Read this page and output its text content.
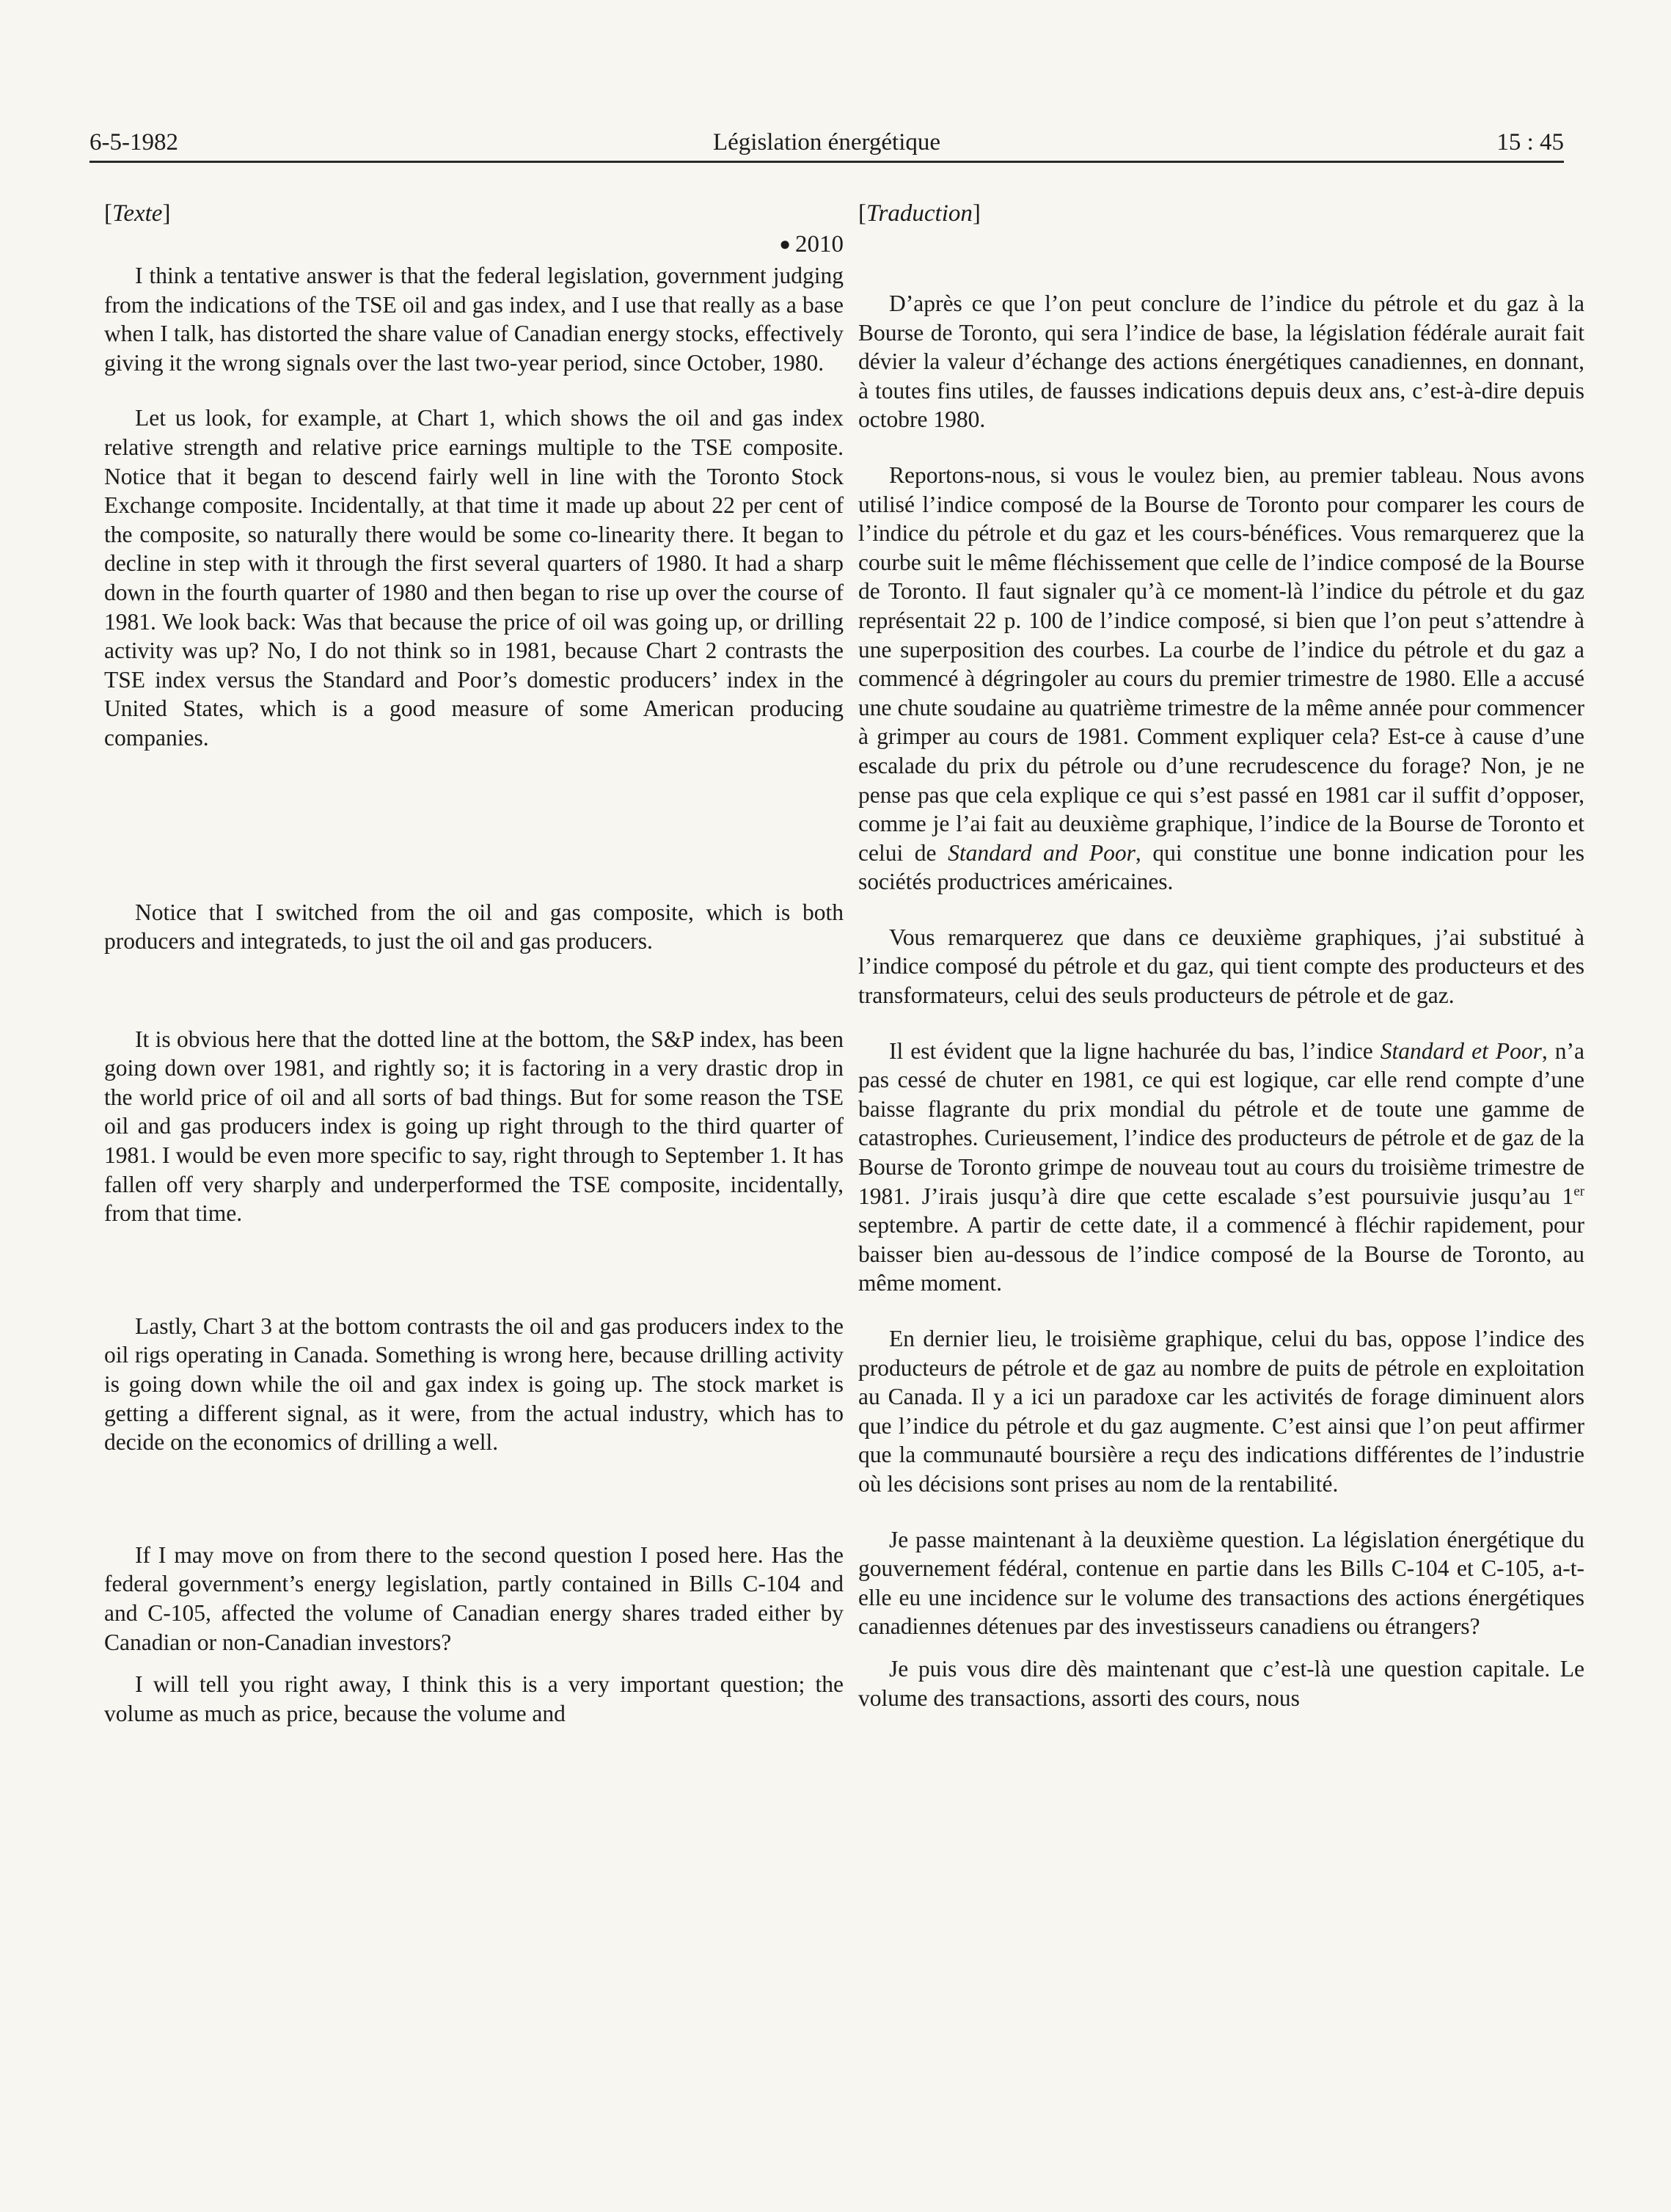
6-5-1982	Législation énergétique	15 : 45
[Texte]
● 2010

I think a tentative answer is that the federal legislation, government judging from the indications of the TSE oil and gas index, and I use that really as a base when I talk, has distorted the share value of Canadian energy stocks, effectively giving it the wrong signals over the last two-year period, since October, 1980.

Let us look, for example, at Chart 1, which shows the oil and gas index relative strength and relative price earnings multiple to the TSE composite. Notice that it began to descend fairly well in line with the Toronto Stock Exchange composite. Incidentally, at that time it made up about 22 per cent of the composite, so naturally there would be some co-linearity there. It began to decline in step with it through the first several quarters of 1980. It had a sharp down in the fourth quarter of 1980 and then began to rise up over the course of 1981. We look back: Was that because the price of oil was going up, or drilling activity was up? No, I do not think so in 1981, because Chart 2 contrasts the TSE index versus the Standard and Poor’s domestic producers’ index in the United States, which is a good measure of some American producing companies.

Notice that I switched from the oil and gas composite, which is both producers and integrateds, to just the oil and gas producers.

It is obvious here that the dotted line at the bottom, the S&P index, has been going down over 1981, and rightly so; it is factoring in a very drastic drop in the world price of oil and all sorts of bad things. But for some reason the TSE oil and gas producers index is going up right through to the third quarter of 1981. I would be even more specific to say, right through to September 1. It has fallen off very sharply and underperformed the TSE composite, incidentally, from that time.

Lastly, Chart 3 at the bottom contrasts the oil and gas producers index to the oil rigs operating in Canada. Something is wrong here, because drilling activity is going down while the oil and gax index is going up. The stock market is getting a different signal, as it were, from the actual industry, which has to decide on the economics of drilling a well.

If I may move on from there to the second question I posed here. Has the federal government’s energy legislation, partly contained in Bills C-104 and and C-105, affected the volume of Canadian energy shares traded either by Canadian or non-Canadian investors?

I will tell you right away, I think this is a very important question; the volume as much as price, because the volume and

[Traduction]

D’après ce que l’on peut conclure de l’indice du pétrole et du gaz à la Bourse de Toronto, qui sera l’indice de base, la législation fédérale aurait fait dévier la valeur d’échange des actions énergétiques canadiennes, en donnant, à toutes fins utiles, de fausses indications depuis deux ans, c’est-à-dire depuis octobre 1980.

Reportons-nous, si vous le voulez bien, au premier tableau. Nous avons utilisé l’indice composé de la Bourse de Toronto pour comparer les cours de l’indice du pétrole et du gaz et les cours-bénéfices. Vous remarquerez que la courbe suit le même fléchissement que celle de l’indice composé de la Bourse de Toronto. Il faut signaler qu’à ce moment-là l’indice du pétrole et du gaz représentait 22 p. 100 de l’indice composé, si bien que l’on peut s’attendre à une superposition des courbes. La courbe de l’indice du pétrole et du gaz a commencé à dégringoler au cours du premier trimestre de 1980. Elle a accusé une chute soudaine au quatrième trimestre de la même année pour commencer à grimper au cours de 1981. Comment expliquer cela? Est-ce à cause d’une escalade du prix du pétrole ou d’une recrudescence du forage? Non, je ne pense pas que cela explique ce qui s’est passé en 1981 car il suffit d’opposer, comme je l’ai fait au deuxième graphique, l’indice de la Bourse de Toronto et celui de Standard and Poor, qui constitue une bonne indication pour les sociétés productrices américaines.

Vous remarquerez que dans ce deuxième graphiques, j’ai substitué à l’indice composé du pétrole et du gaz, qui tient compte des producteurs et des transformateurs, celui des seuls producteurs de pétrole et de gaz.

Il est évident que la ligne hachurée du bas, l’indice Standard et Poor, n’a pas cessé de chuter en 1981, ce qui est logique, car elle rend compte d’une baisse flagrante du prix mondial du pétrole et de toute une gamme de catastrophes. Curieusement, l’indice des producteurs de pétrole et de gaz de la Bourse de Toronto grimpe de nouveau tout au cours du troisième trimestre de 1981. J’irais jusqu’à dire que cette escalade s’est poursuivie jusqu’au 1er septembre. A partir de cette date, il a commencé à fléchir rapidement, pour baisser bien au-dessous de l’indice composé de la Bourse de Toronto, au même moment.

En dernier lieu, le troisième graphique, celui du bas, oppose l’indice des producteurs de pétrole et de gaz au nombre de puits de pétrole en exploitation au Canada. Il y a ici un paradoxe car les activités de forage diminuent alors que l’indice du pétrole et du gaz augmente. C’est ainsi que l’on peut affirmer que la communauté boursière a reçu des indications différentes de l’industrie où les décisions sont prises au nom de la rentabilité.

Je passe maintenant à la deuxième question. La législation énergétique du gouvernement fédéral, contenue en partie dans les Bills C-104 et C-105, a-t-elle eu une incidence sur le volume des transactions des actions énergétiques canadiennes détenues par des investisseurs canadiens ou étrangers?

Je puis vous dire dès maintenant que c’est-là une question capitale. Le volume des transactions, assorti des cours, nous
